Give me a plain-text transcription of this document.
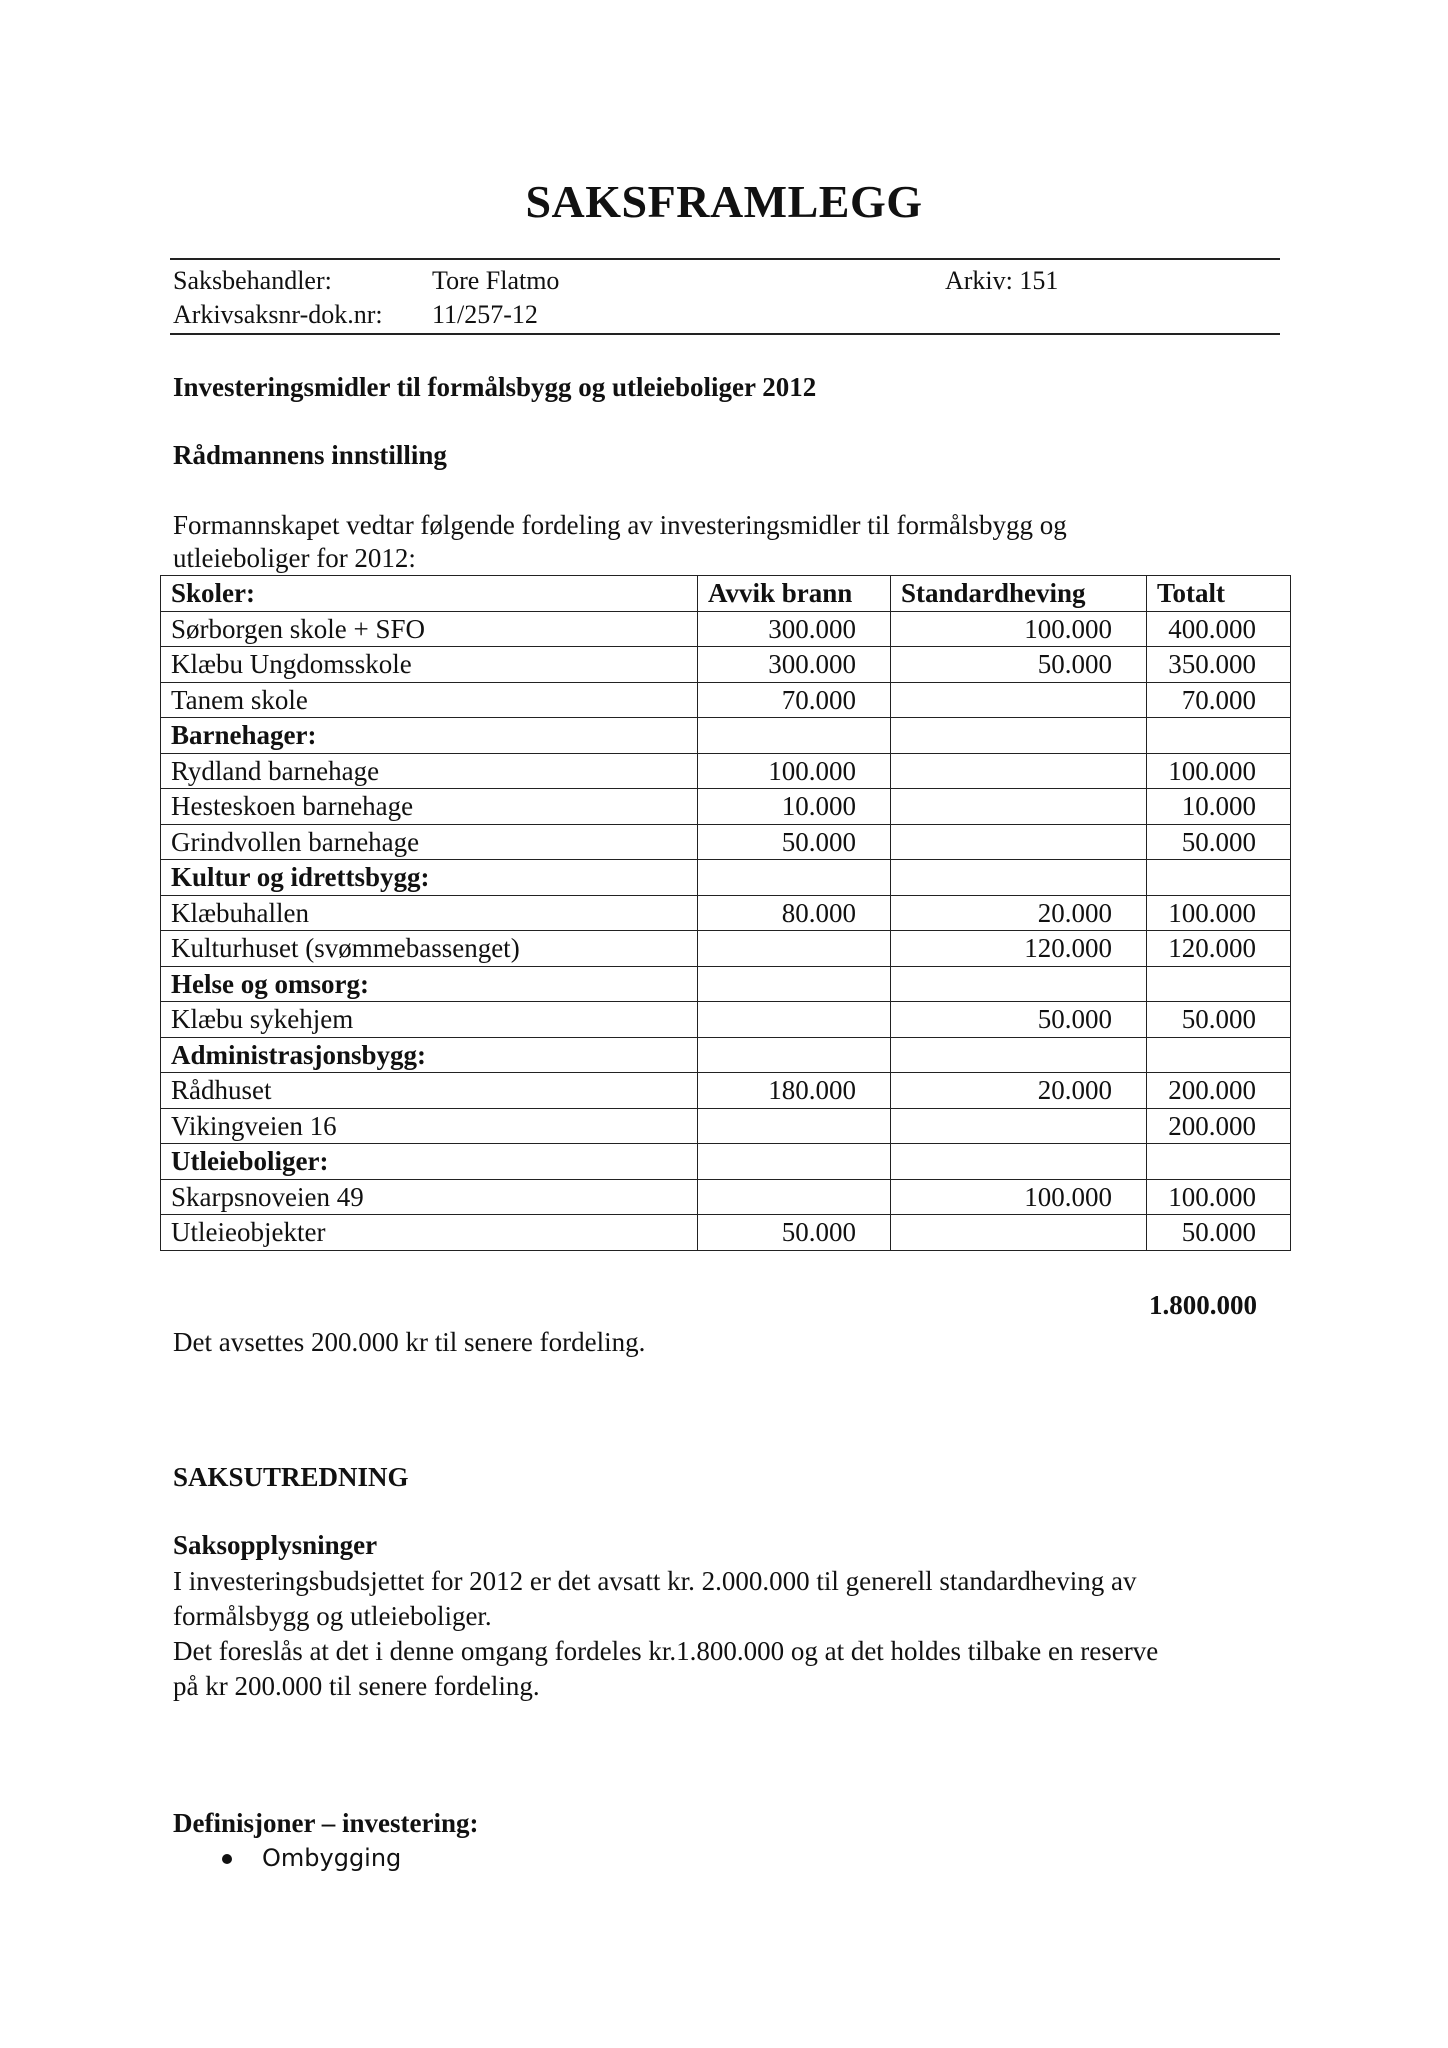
SAKSFRAMLEGG
Saksbehandler:	Tore Flatmo	Arkiv: 151
Arkivsaksnr-dok.nr: 11/257-12
Investeringsmidler til formålsbygg og utleieboliger 2012
Rådmannens innstilling
Formannskapet vedtar følgende fordeling av investeringsmidler til formålsbygg og
utleieboliger for 2012:
Skoler:	Avvik brann	Standardheving	Totalt
Sørborgen skole + SFO	300.000	100.000	400.000
Klæbu Ungdomsskole	300.000	50.000	350.000
Tanem skole	70.000		70.000
Barnehager:			
Rydland barnehage	100.000		100.000
Hesteskoen barnehage	10.000		10.000
Grindvollen barnehage	50.000		50.000
Kultur og idrettsbygg:			
Klæbuhallen	80.000	20.000	100.000
Kulturhuset (svømmebassenget)		120.000	120.000
Helse og omsorg:			
Klæbu sykehjem		50.000	50.000
Administrasjonsbygg:			
Rådhuset	180.000	20.000	200.000
Vikingveien 16			200.000
Utleieboliger:			
Skarpsnoveien 49		100.000	100.000
Utleieobjekter	50.000		50.000
1.800.000
Det avsettes 200.000 kr til senere fordeling.
SAKSUTREDNING
Saksopplysninger
I investeringsbudsjettet for 2012 er det avsatt kr. 2.000.000 til generell standardheving av
formålsbygg og utleieboliger.
Det foreslås at det i denne omgang fordeles kr.1.800.000 og at det holdes tilbake en reserve
på kr 200.000 til senere fordeling.
Definisjoner – investering:
Ombygging
